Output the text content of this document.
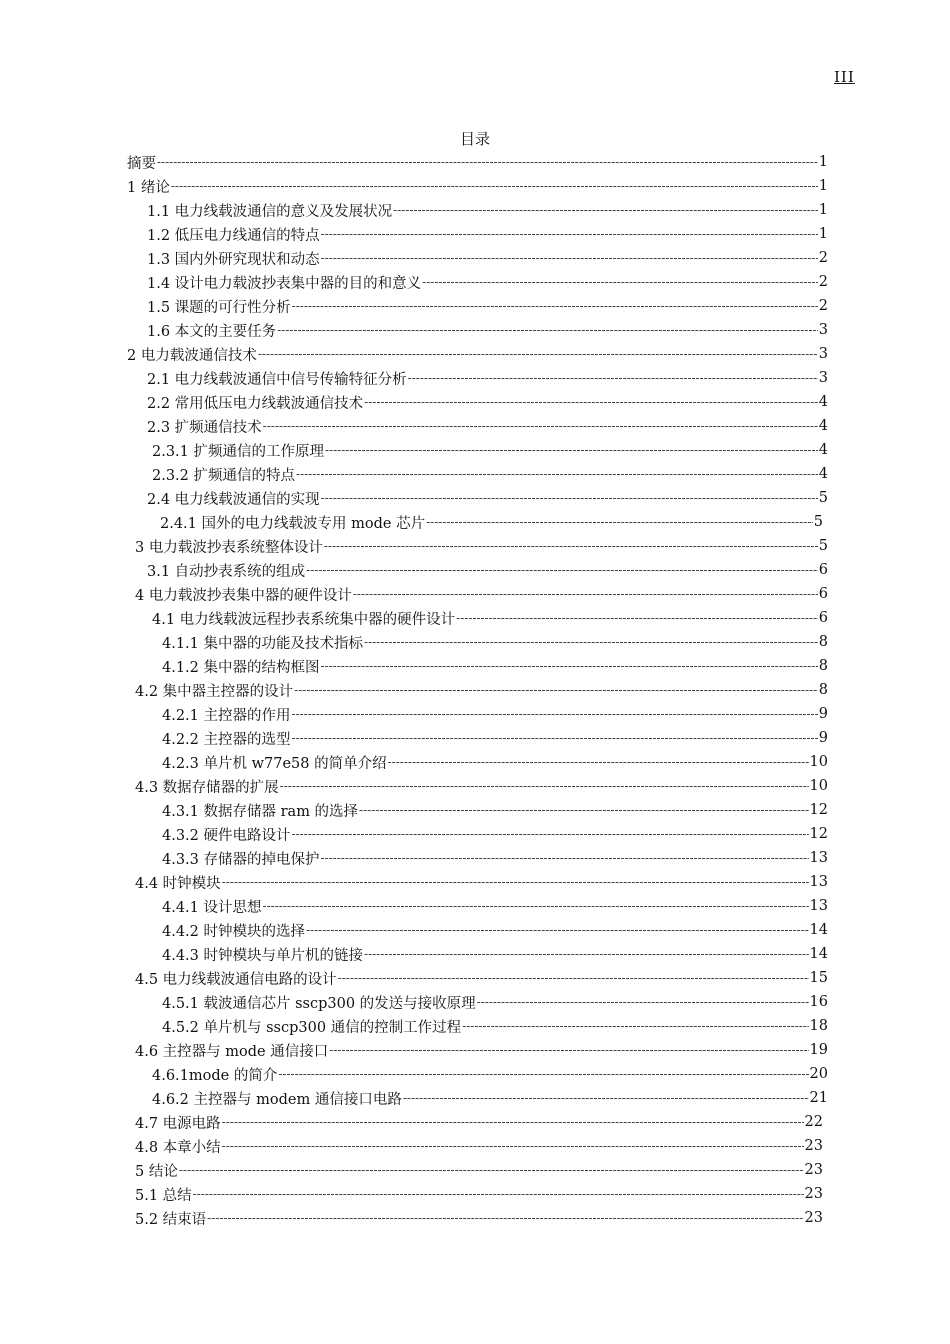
III
目录
摘要 -----	1
1 绪论 -----	1
1.1 电力线载波通信的意义及发展状况 -----	1
1.2 低压电力线通信的特点 -----	1
1.3 国内外研究现状和动态 -----	2
1.4 设计电力载波抄表集中器的目的和意义 -----	2
1.5 课题的可行性分析 -----	2
1.6 本文的主要任务 -----	3
2 电力载波通信技术 -----	3
2.1 电力线载波通信中信号传输特征分析 -----	3
2.2 常用低压电力线载波通信技术 -----	4
2.3 扩频通信技术 -----	4
2.3.1 扩频通信的工作原理 -----	4
2.3.2 扩频通信的特点 -----	4
2.4 电力线载波通信的实现 -----	5
2.4.1 国外的电力线载波专用 mode 芯片 -----	5
3 电力载波抄表系统整体设计 -----	5
3.1 自动抄表系统的组成 -----	6
4 电力载波抄表集中器的硬件设计 -----	6
4.1 电力线载波远程抄表系统集中器的硬件设计 -----	6
4.1.1 集中器的功能及技术指标 -----	8
4.1.2 集中器的结构框图 -----	8
4.2 集中器主控器的设计 -----	8
4.2.1 主控器的作用 -----	9
4.2.2 主控器的选型 -----	9
4.2.3 单片机 w77e58 的简单介绍 -----	10
4.3 数据存储器的扩展 -----	10
4.3.1 数据存储器 ram 的选择 -----	12
4.3.2 硬件电路设计 -----	12
4.3.3 存储器的掉电保护 -----	13
4.4 时钟模块 -----	13
4.4.1 设计思想 -----	13
4.4.2 时钟模块的选择 -----	14
4.4.3 时钟模块与单片机的链接 -----	14
4.5 电力线载波通信电路的设计 -----	15
4.5.1 载波通信芯片 sscp300 的发送与接收原理 -----	16
4.5.2 单片机与 sscp300 通信的控制工作过程 -----	18
4.6 主控器与 mode 通信接口 -----	19
4.6.1mode 的简介 -----	20
4.6.2 主控器与 modem 通信接口电路 -----	21
4.7 电源电路 -----	22
4.8 本章小结 -----	23
5 结论 -----	23
5.1 总结 -----	23
5.2 结束语 -----	23
